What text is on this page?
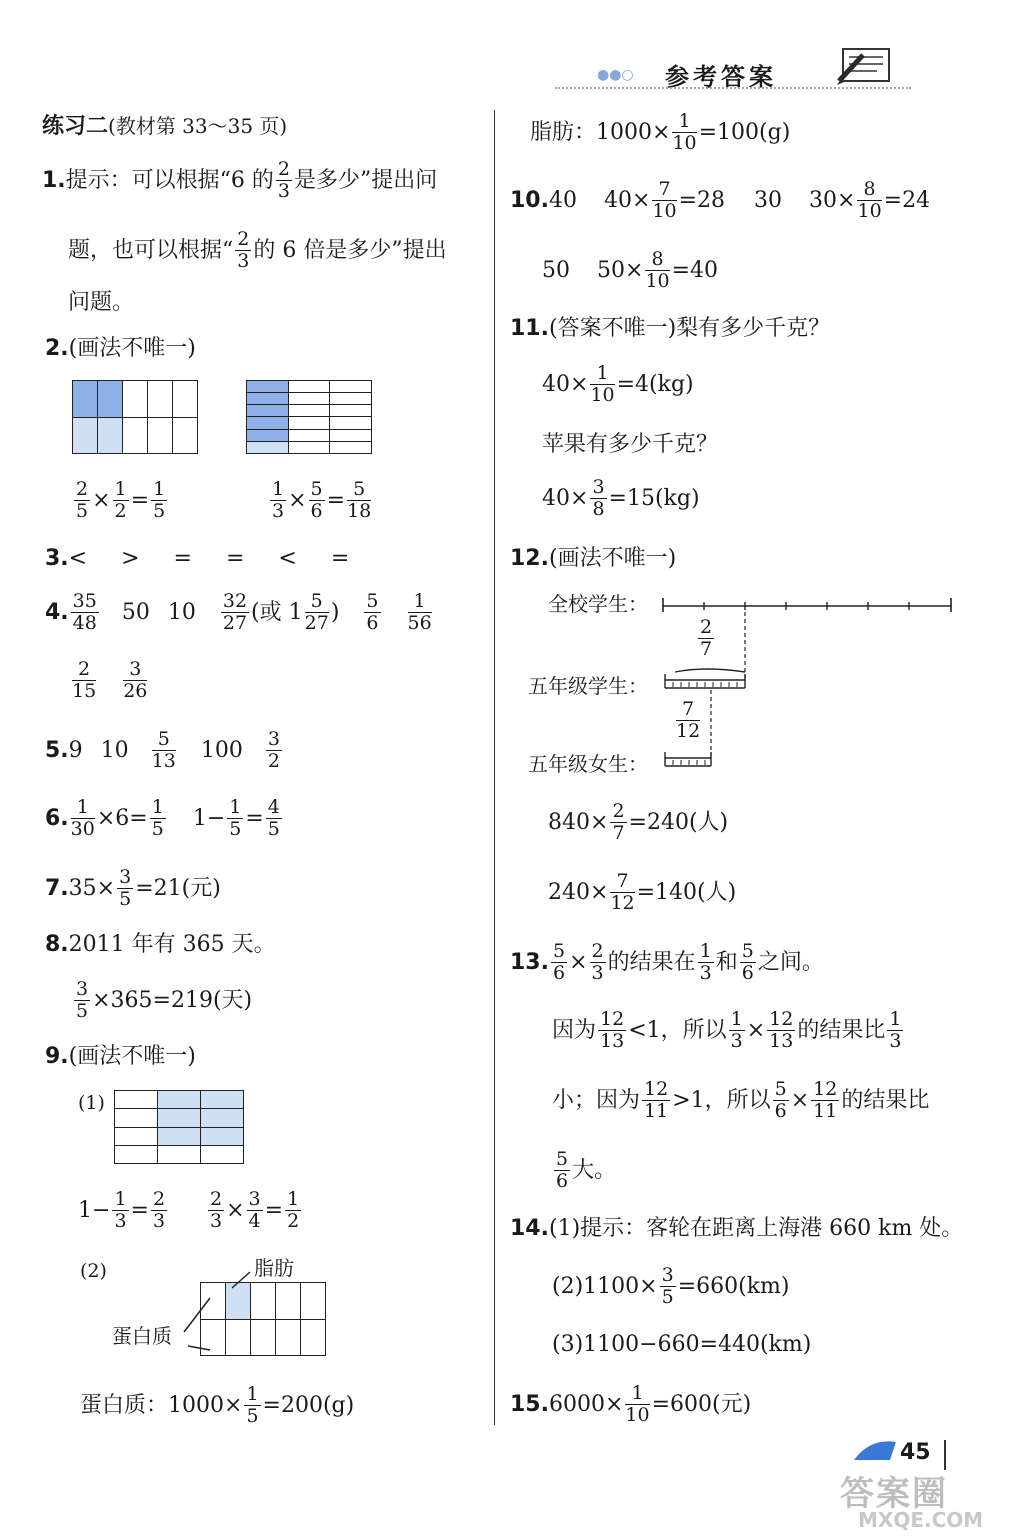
●●○ 参考答案
练习二(教材第 33～35 页)
1.提示：可以根据“6 的 $\frac{2}{3}$ 是多少”提出问
题，也可以根据“ $\frac{2}{3}$ 的 6 倍是多少”提出
问题。
2.(画法不唯一)

$\frac{2}{5} \times \frac{1}{2} = \frac{1}{5}$	$\frac{1}{3} \times \frac{5}{6} = \frac{5}{18}$
3.<　>　=　=　<　=
4. $\frac{35}{48} 50$ $10 \frac{32}{27}$ (或 $1 \frac{5}{27}$ ) $\frac{5}{6}$
$\frac{1}{56}$
$\frac{2}{15}$
$\frac{3}{26}$
5.9 $10 \frac{5}{13} 100 \frac{3}{2}$
6. $\frac{1}{30} \times 6= \frac{1}{5} 1- \frac{1}{5} = \frac{4}{5}$
$7.35\times \frac{3}{5} =21$(元)
8.2011 年有 365 天。
$\frac{3}{5} \times 365=219$(天)
9.(画法不唯一)
(1)

$1- \frac{1}{3} = \frac{2}{3} \frac{2}{3} \times \frac{3}{4} = \frac{1}{2}$
(2)	脂肪
蛋白质

蛋白质：$1000\times \frac{1}{5} =200(g)$
脂肪：$1000\times \frac{1}{10} =100(g)$
10.40 $40\times \frac{7}{10} =28$ 30 $30\times \frac{8}{10} =24$
50 $50\times \frac{8}{10} =40$
11.(答案不唯一)梨有多少千克？
$40\times \frac{1}{10} =4(kg)$
苹果有多少千克？
$40\times \frac{3}{8} =15(kg)$
12.(画法不唯一)
全校学生：
五年级学生：
五年级女生：
$\frac{2}{7}$
$\frac{7}{12}$
$840\times \frac{2}{7} =240$(人)
$240\times \frac{7}{12} =140$(人)
13. $\frac{5}{6} \times \frac{2}{3}$ 的结果在 $\frac{1}{3}$ 和 $\frac{5}{6}$ 之间。
因为 $\frac{12}{13} <1$，所以 $\frac{1}{3} \times \frac{12}{13}$ 的结果比 $\frac{1}{3}$
小；因为 $\frac{12}{11} >1$，所以 $\frac{5}{6} \times \frac{12}{11}$ 的结果比
$\frac{5}{6}$ 大。
14.(1)提示：客轮在距离上海港 660 km 处。
$(2)1100\times \frac{3}{5} =660(km)$
(3)1100−660=440(km)
$15.6000\times \frac{1}{10} =600$(元)
45
答案圈
MXQE.COM
